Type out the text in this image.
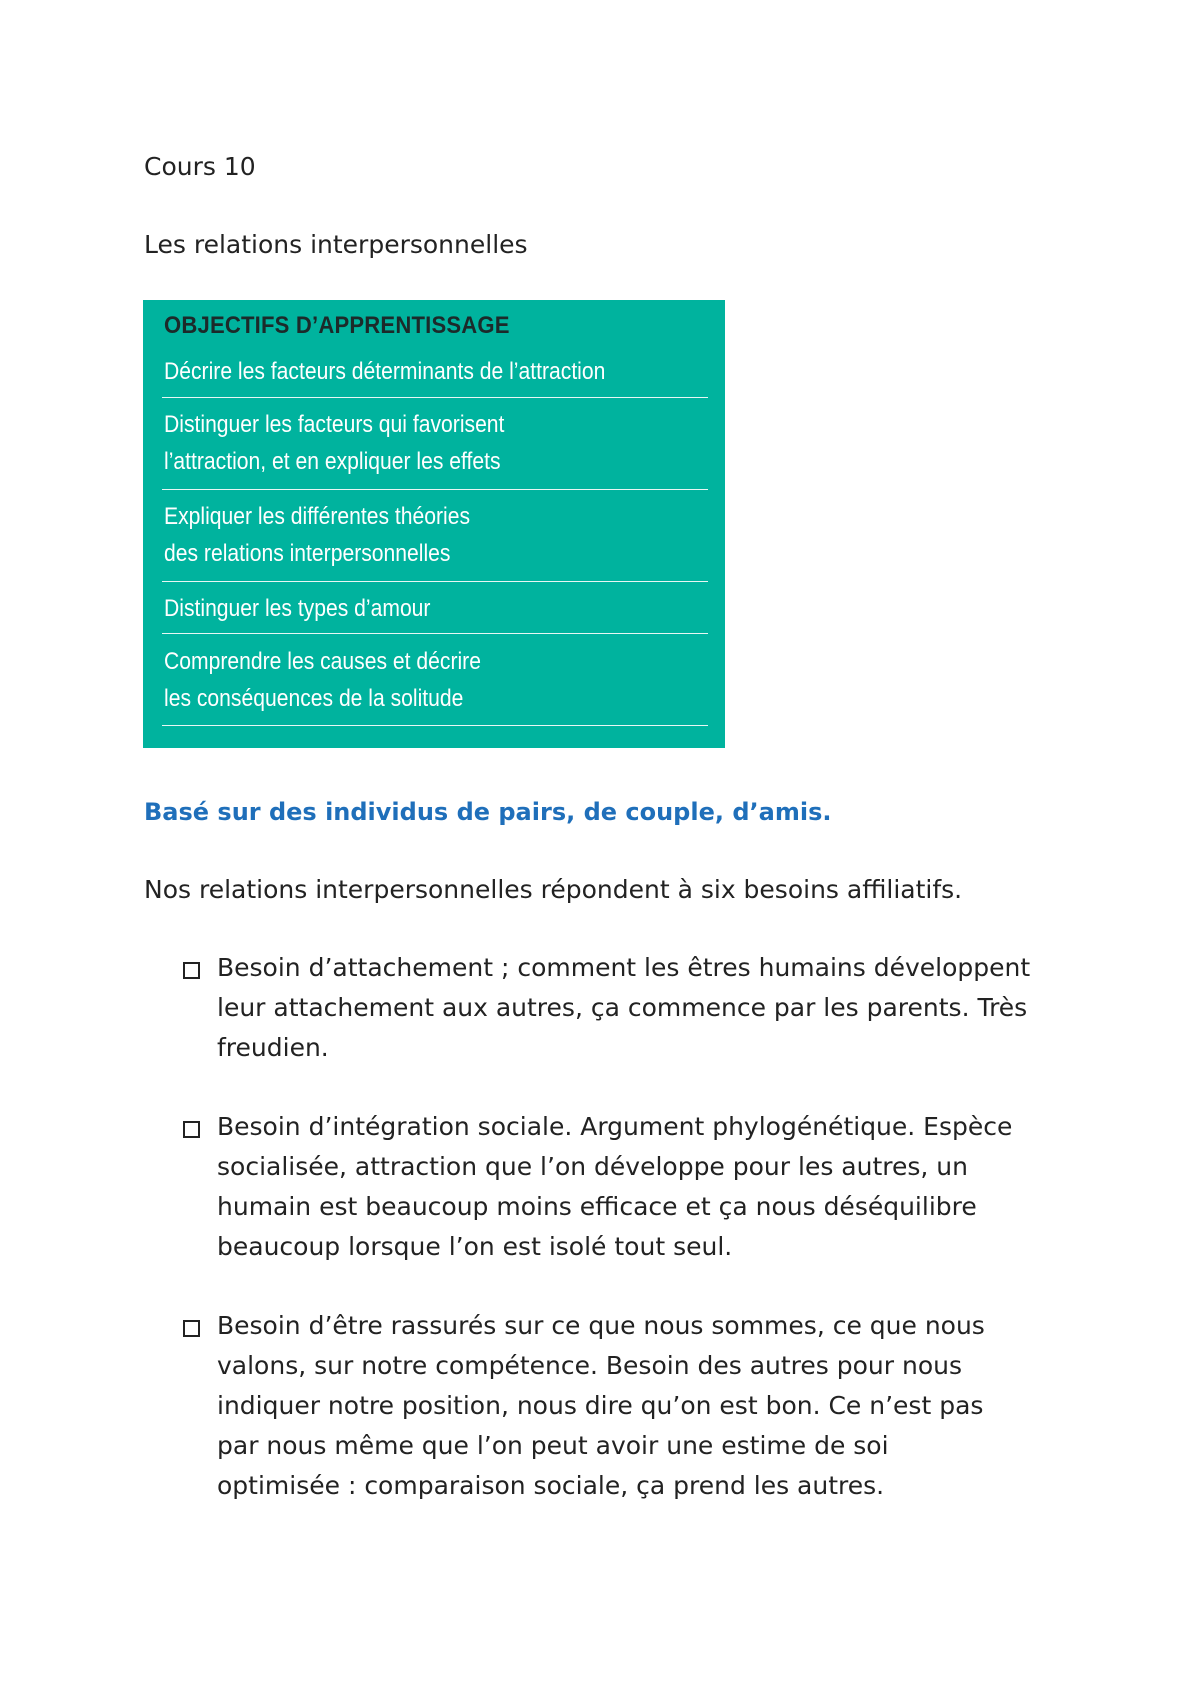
Cours 10
Les relations interpersonnelles
OBJECTIFS D’APPRENTISSAGE
Décrire les facteurs déterminants de l’attraction
Distinguer les facteurs qui favorisent
l’attraction, et en expliquer les effets
Expliquer les différentes théories
des relations interpersonnelles
Distinguer les types d’amour
Comprendre les causes et décrire
les conséquences de la solitude
Basé sur des individus de pairs, de couple, d’amis.
Nos relations interpersonnelles répondent à six besoins affiliatifs.
Besoin d’attachement ; comment les êtres humains développent
leur attachement aux autres, ça commence par les parents. Très
freudien.
Besoin d’intégration sociale. Argument phylogénétique. Espèce
socialisée, attraction que l’on développe pour les autres, un
humain est beaucoup moins efficace et ça nous déséquilibre
beaucoup lorsque l’on est isolé tout seul.
Besoin d’être rassurés sur ce que nous sommes, ce que nous
valons, sur notre compétence. Besoin des autres pour nous
indiquer notre position, nous dire qu’on est bon. Ce n’est pas
par nous même que l’on peut avoir une estime de soi
optimisée : comparaison sociale, ça prend les autres.
